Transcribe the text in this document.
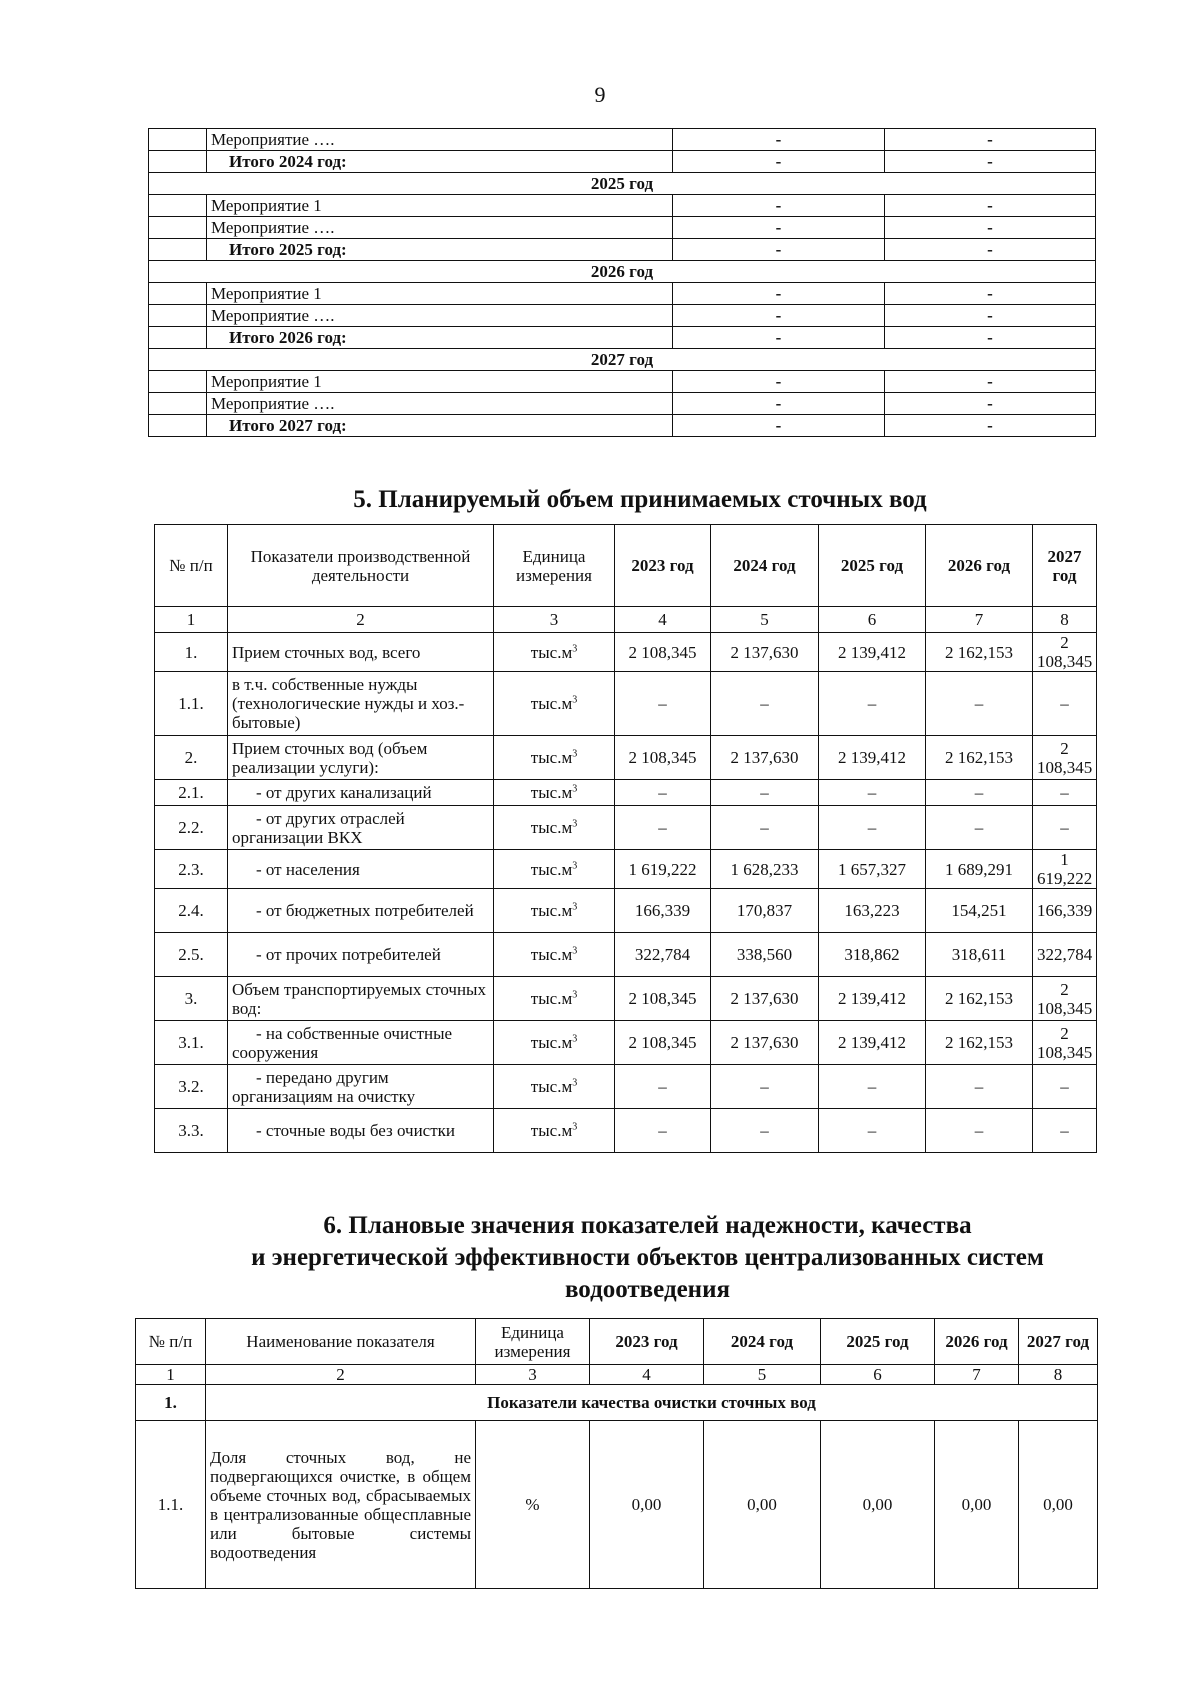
9
	Мероприятие ….	-	-
	Итого 2024 год:	-	-
2025 год			
	Мероприятие 1	-	-
	Мероприятие ….	-	-
	Итого 2025 год:	-	-
2026 год			
	Мероприятие 1	-	-
	Мероприятие ….	-	-
	Итого 2026 год:	-	-
2027 год			
	Мероприятие 1	-	-
	Мероприятие ….	-	-
	Итого 2027 год:	-	-
5. Планируемый объем принимаемых сточных вод
№ п/п	Показатели производственной деятельности	Единица измерения	2023 год	2024 год	2025 год	2026 год	2027 год
1	2	3	4	5	6	7	8
1.	Прием сточных вод, всего	$тыс.м^3$	2 108,345	2 137,630	2 139,412	2 162,153	2 108,345
1.1.	в т.ч. собственные нужды (технологические нужды и хоз.-бытовые)	$тыс.м^3$	–	–	–	–	–
2.	Прием сточных вод (объем реализации услуги):	$тыс.м^3$	2 108,345	2 137,630	2 139,412	2 162,153	2 108,345
2.1.	- от других канализаций	$тыс.м^3$	–	–	–	–	–
2.2.	- от других отраслей организации ВКХ	$тыс.м^3$	–	–	–	–	–
2.3.	- от населения	$тыс.м^3$	1 619,222	1 628,233	1 657,327	1 689,291	1 619,222
2.4.	- от бюджетных потребителей	$тыс.м^3$	166,339	170,837	163,223	154,251	166,339
2.5.	- от прочих потребителей	$тыс.м^3$	322,784	338,560	318,862	318,611	322,784
3.	Объем транспортируемых сточных вод:	$тыс.м^3$	2 108,345	2 137,630	2 139,412	2 162,153	2 108,345
3.1.	- на собственные очистные сооружения	$тыс.м^3$	2 108,345	2 137,630	2 139,412	2 162,153	2 108,345
3.2.	- передано другим организациям на очистку	$тыс.м^3$	–	–	–	–	–
3.3.	- сточные воды без очистки	$тыс.м^3$	–	–	–	–	–
6. Плановые значения показателей надежности, качества
и энергетической эффективности объектов централизованных систем
водоотведения
№ п/п	Наименование показателя	Единица измерения	2023 год	2024 год	2025 год	2026 год	2027 год
1	2	3	4	5	6	7	8
1.	Показатели качества очистки сточных вод						
1.1.	Доля сточных вод, не подвергающихся очистке, в общем объеме сточных вод, сбрасываемых в централизованные общесплавные или бытовые системы водоотведения	%	0,00	0,00	0,00	0,00	0,00
